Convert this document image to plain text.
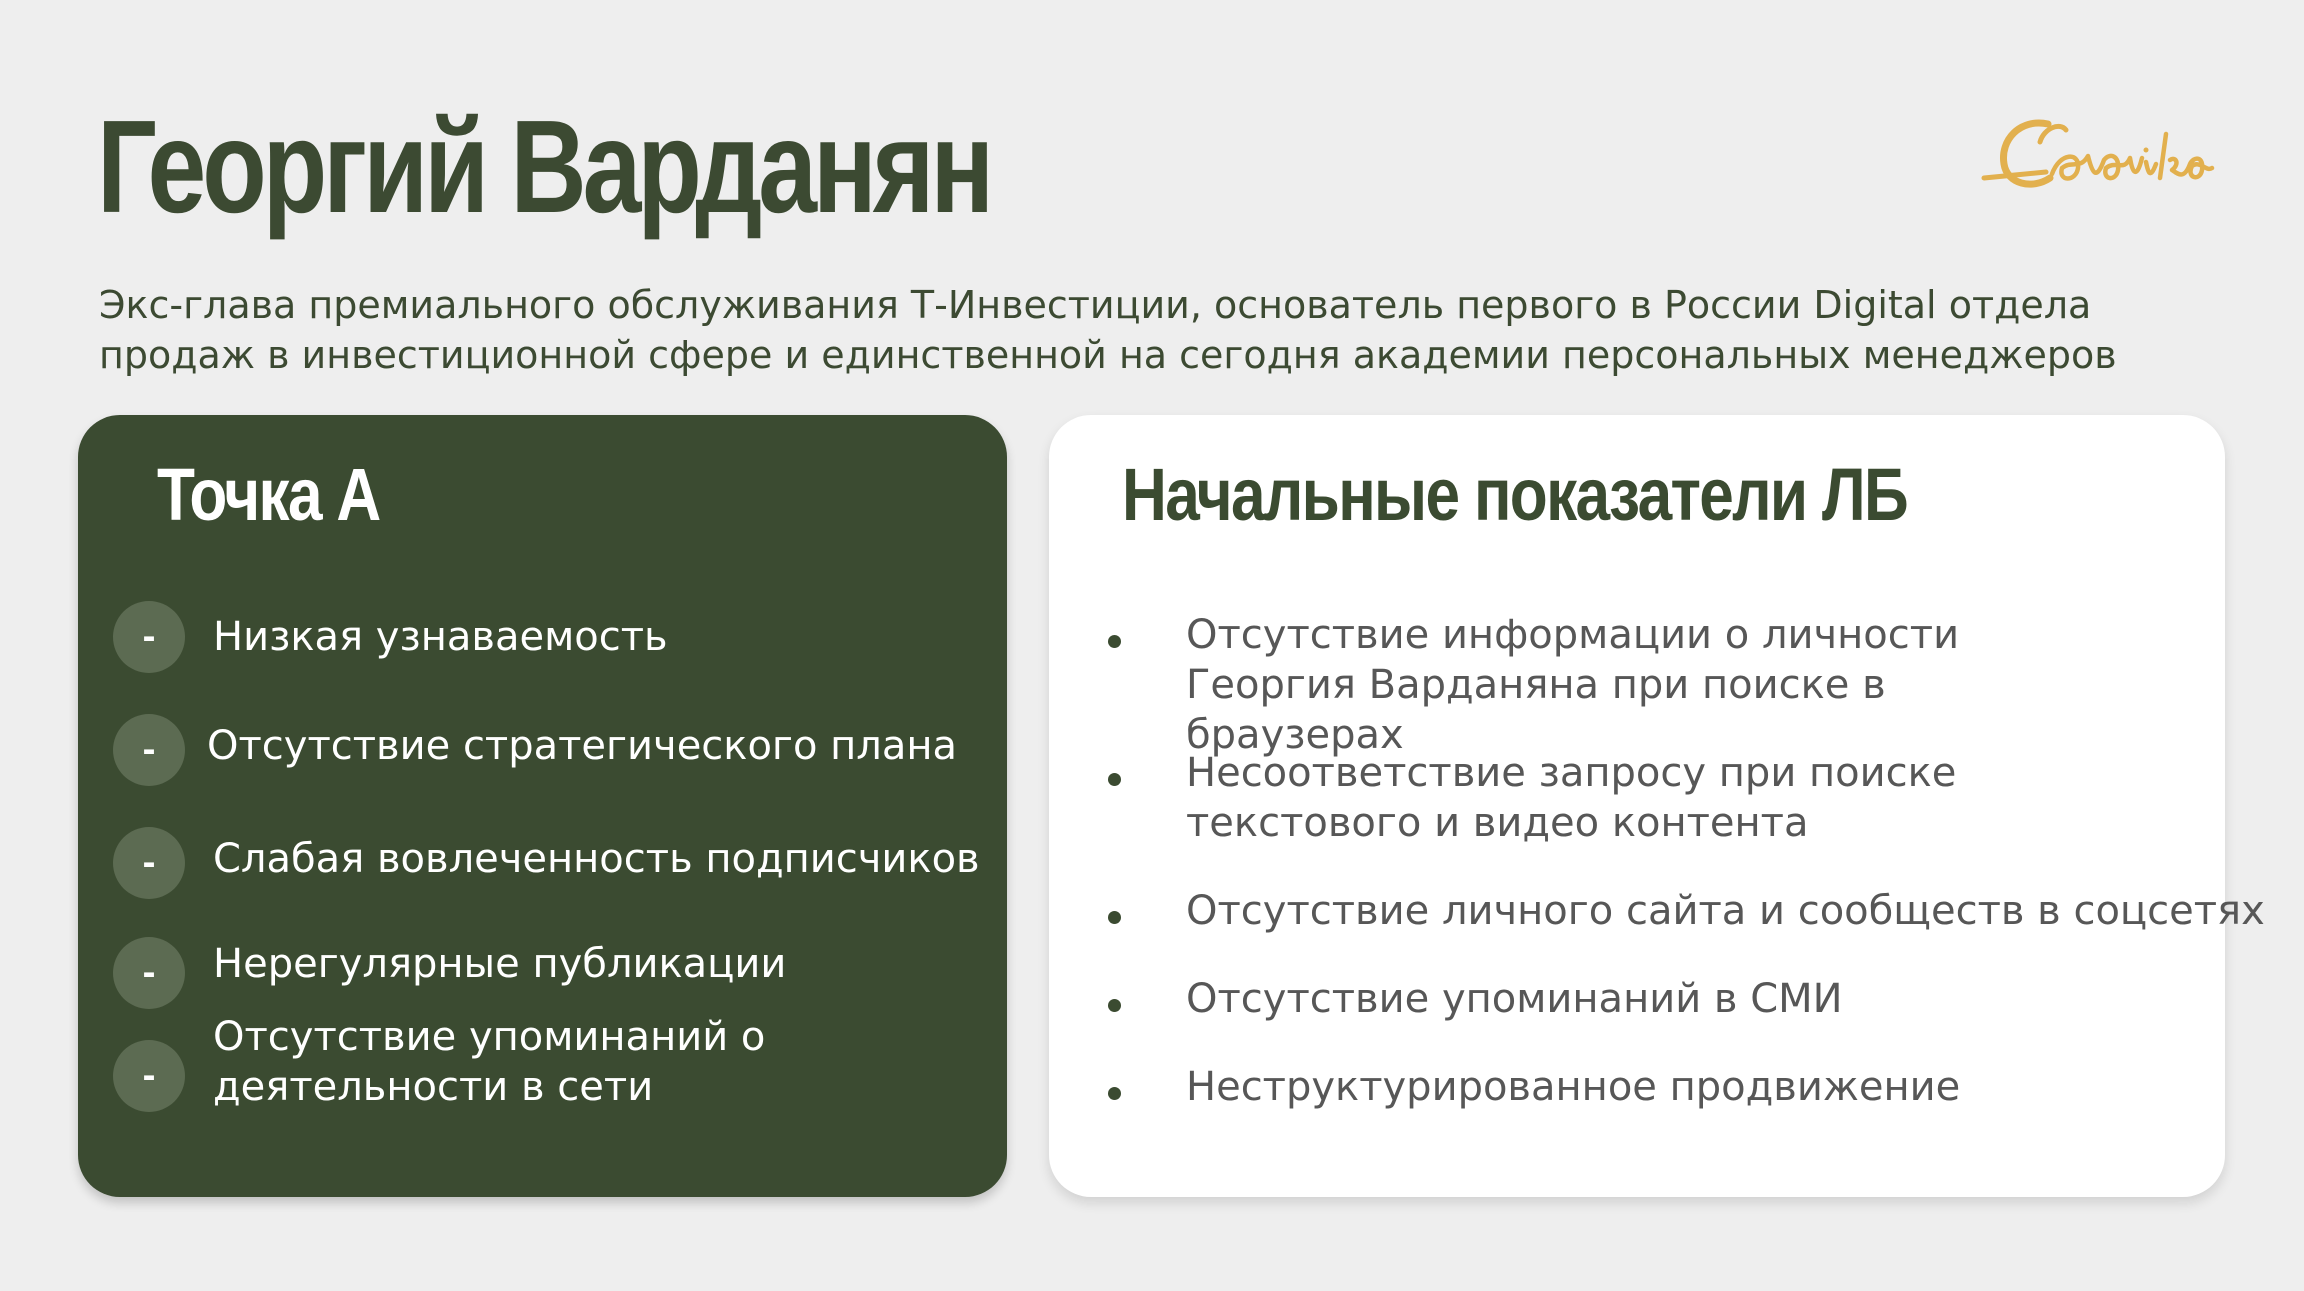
Георгий Варданян

Экс-глава премиального обслуживания Т-Инвестиции, основатель первого в России Digital отдела продаж в инвестиционной сфере и единственной на сегодня академии персональных менеджеров

Точка А
-	Низкая узнаваемость
-	Отсутствие стратегического плана
-	Слабая вовлеченность подписчиков
-	Нерегулярные публикации
-
Отсутствие упоминаний о деятельности в сети
Начальные показатели ЛБ
Отсутствие информации о личности Георгия Варданяна при поиске в браузерах
Несоответствие запросу при поиске текстового и видео контента
Отсутствие личного сайта и сообществ в соцсетях
Отсутствие упоминаний в СМИ
Неструктурированное продвижение
